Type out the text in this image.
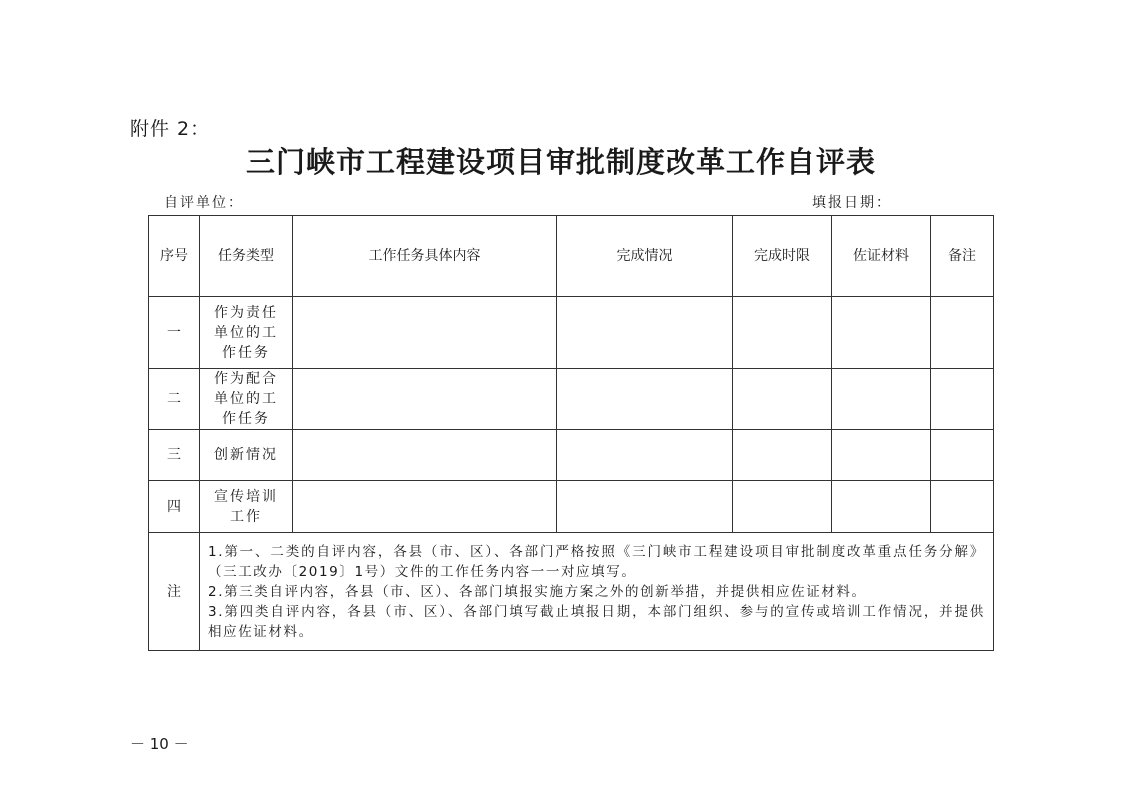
附件 2：
三门峡市工程建设项目审批制度改革工作自评表
自评单位：	填报日期：
序号	任务类型	工作任务具体内容	完成情况	完成时限	佐证材料	备注
一	作为责任单位的工作任务					
二	作为配合单位的工作任务					
三	创新情况					
四	宣传培训工作					
注	1.第一、二类的自评内容，各县（市、区）、各部门严格按照《三门峡市工程建设项目审批制度改革重点任务分解》（三工改办〔2019〕1号）文件的工作任务内容一一对应填写。
2.第三类自评内容，各县（市、区）、各部门填报实施方案之外的创新举措，并提供相应佐证材料。
3.第四类自评内容，各县（市、区）、各部门填写截止填报日期，本部门组织、参与的宣传或培训工作情况，并提供相应佐证材料。					
－ 10 －
